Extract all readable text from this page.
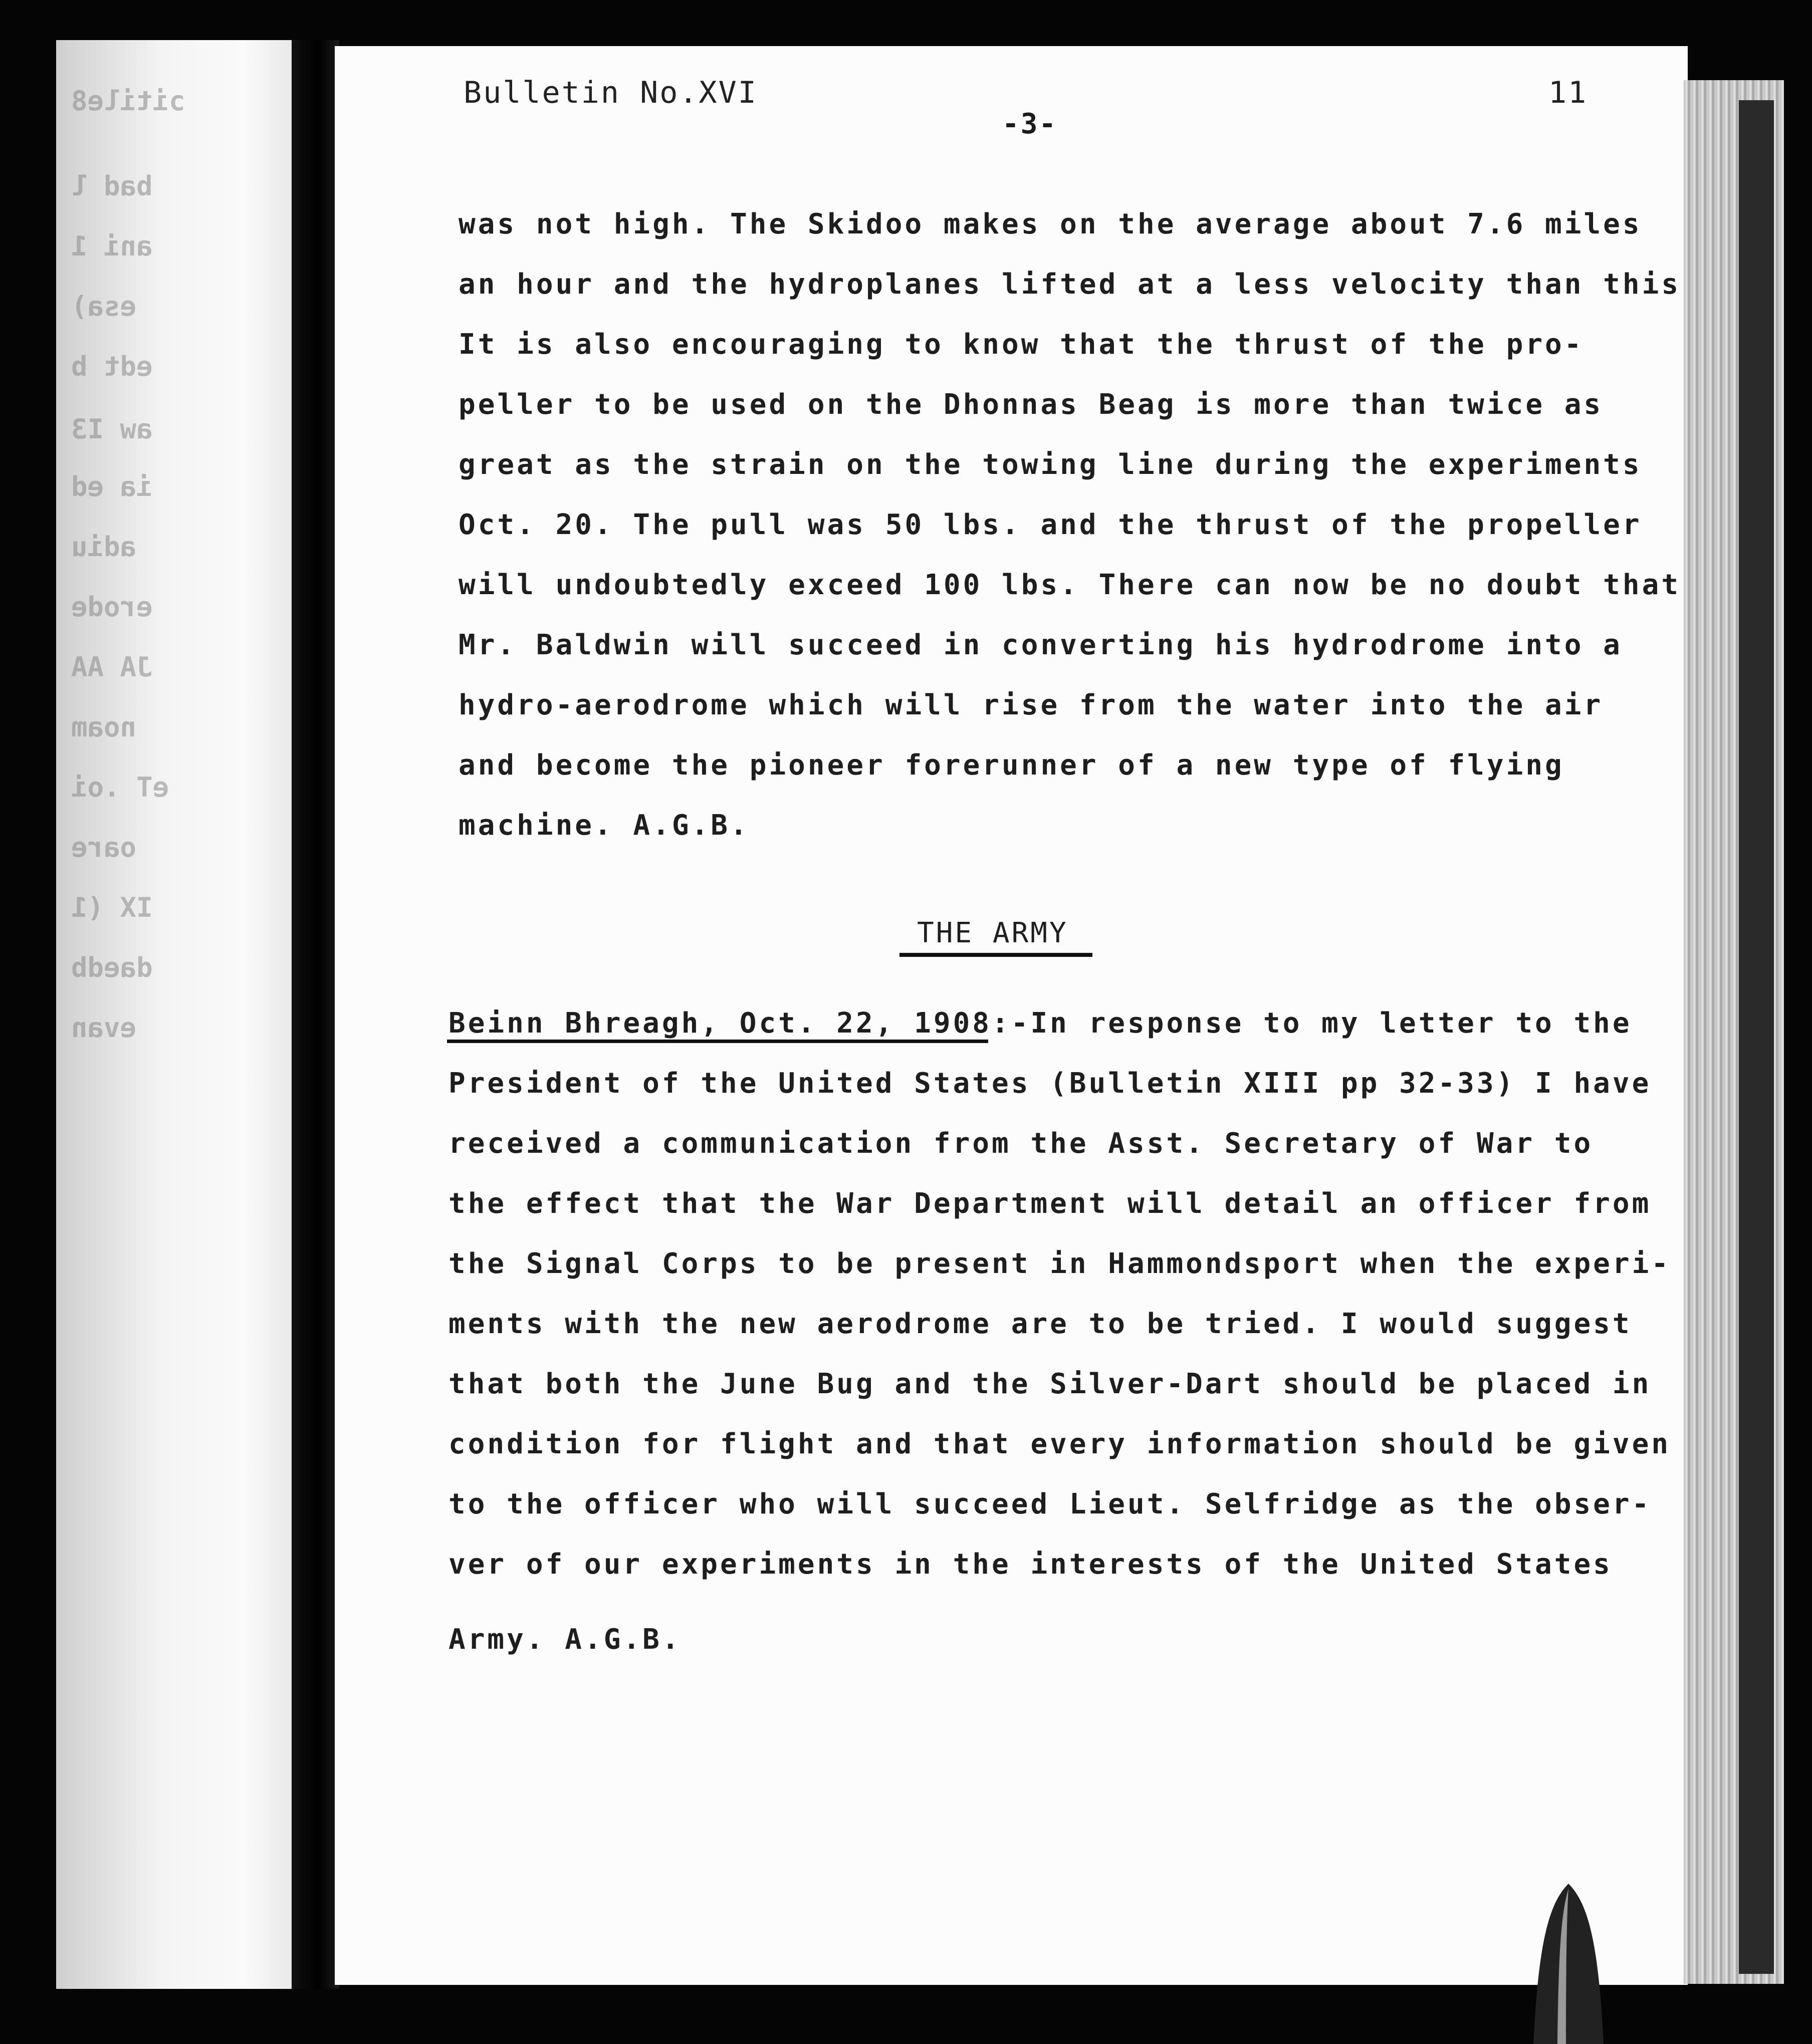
ɔitile8
bad l
ani 1
esa)
edt b
aw I3
ia ed
adiu
erode
JA AA
noam
eT .oi
oare
IX (1
daedb
evan
Bulletin No.XVI	11
-3-
was not high. The Skidoo makes on the average about 7.6 miles
an hour and the hydroplanes lifted at a less velocity than this
It is also encouraging to know that the thrust of the pro-
peller to be used on the Dhonnas Beag is more than twice as
great as the strain on the towing line during the experiments
Oct. 20. The pull was 50 lbs. and the thrust of the propeller
will undoubtedly exceed 100 lbs. There can now be no doubt that
Mr. Baldwin will succeed in converting his hydrodrome into a
hydro-aerodrome which will rise from the water into the air
and become the pioneer forerunner of a new type of flying
machine. A.G.B.
THE ARMY
Beinn Bhreagh, Oct. 22, 1908:-In response to my letter to the
President of the United States (Bulletin XIII pp 32-33) I have
received a communication from the Asst. Secretary of War to
the effect that the War Department will detail an officer from
the Signal Corps to be present in Hammondsport when the experi-
ments with the new aerodrome are to be tried. I would suggest
that both the June Bug and the Silver-Dart should be placed in
condition for flight and that every information should be given
to the officer who will succeed Lieut. Selfridge as the obser-
ver of our experiments in the interests of the United States
Army. A.G.B.
